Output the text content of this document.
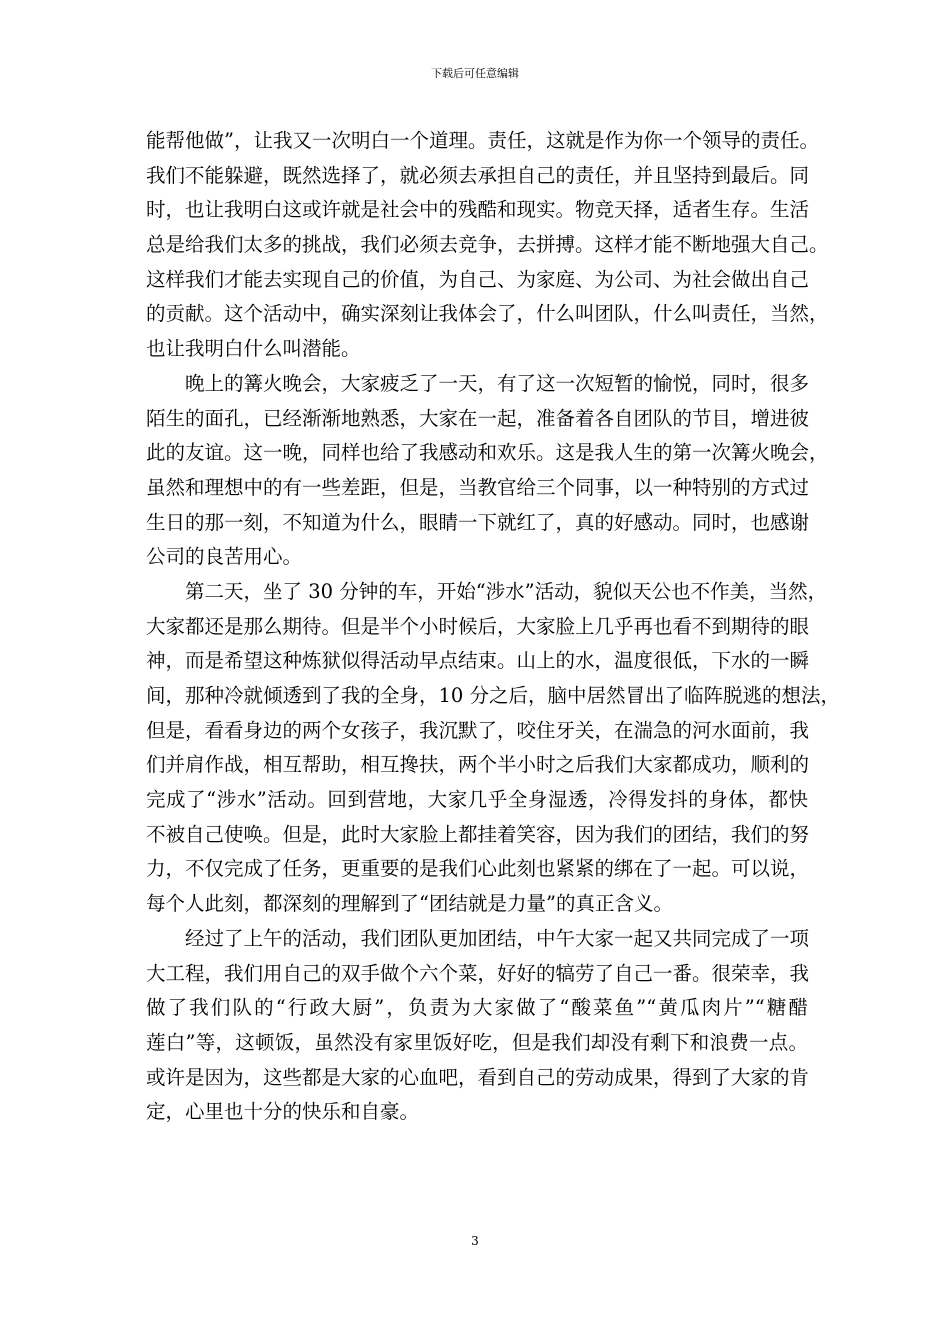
下载后可任意编辑
能帮他做”，让我又一次明白一个道理。责任，这就是作为你一个领导的责任。
我们不能躲避，既然选择了，就必须去承担自己的责任，并且坚持到最后。同
时，也让我明白这或许就是社会中的残酷和现实。物竞天择，适者生存。生活
总是给我们太多的挑战，我们必须去竞争，去拼搏。这样才能不断地强大自己。
这样我们才能去实现自己的价值，为自己、为家庭、为公司、为社会做出自己
的贡献。这个活动中，确实深刻让我体会了，什么叫团队，什么叫责任，当然，
也让我明白什么叫潜能。
晚上的篝火晚会，大家疲乏了一天，有了这一次短暂的愉悦，同时，很多
陌生的面孔，已经渐渐地熟悉，大家在一起，准备着各自团队的节目，增进彼
此的友谊。这一晚，同样也给了我感动和欢乐。这是我人生的第一次篝火晚会，
虽然和理想中的有一些差距，但是，当教官给三个同事，以一种特别的方式过
生日的那一刻，不知道为什么，眼睛一下就红了，真的好感动。同时，也感谢
公司的良苦用心。
第二天，坐了 30 分钟的车，开始“涉水”活动，貌似天公也不作美，当然，
大家都还是那么期待。但是半个小时候后，大家脸上几乎再也看不到期待的眼
神，而是希望这种炼狱似得活动早点结束。山上的水，温度很低，下水的一瞬
间，那种冷就倾透到了我的全身，10 分之后，脑中居然冒出了临阵脱逃的想法，
但是，看看身边的两个女孩子，我沉默了，咬住牙关，在湍急的河水面前，我
们并肩作战，相互帮助，相互搀扶，两个半小时之后我们大家都成功，顺利的
完成了“涉水”活动。回到营地，大家几乎全身湿透，冷得发抖的身体，都快
不被自己使唤。但是，此时大家脸上都挂着笑容，因为我们的团结，我们的努
力，不仅完成了任务，更重要的是我们心此刻也紧紧的绑在了一起。可以说，
每个人此刻，都深刻的理解到了“团结就是力量”的真正含义。
经过了上午的活动，我们团队更加团结，中午大家一起又共同完成了一项
大工程，我们用自己的双手做个六个菜，好好的犒劳了自己一番。很荣幸，我
做了我们队的“行政大厨”，负责为大家做了“酸菜鱼”“黄瓜肉片”“糖醋
莲白”等，这顿饭，虽然没有家里饭好吃，但是我们却没有剩下和浪费一点。
或许是因为，这些都是大家的心血吧，看到自己的劳动成果，得到了大家的肯
定，心里也十分的快乐和自豪。
3
